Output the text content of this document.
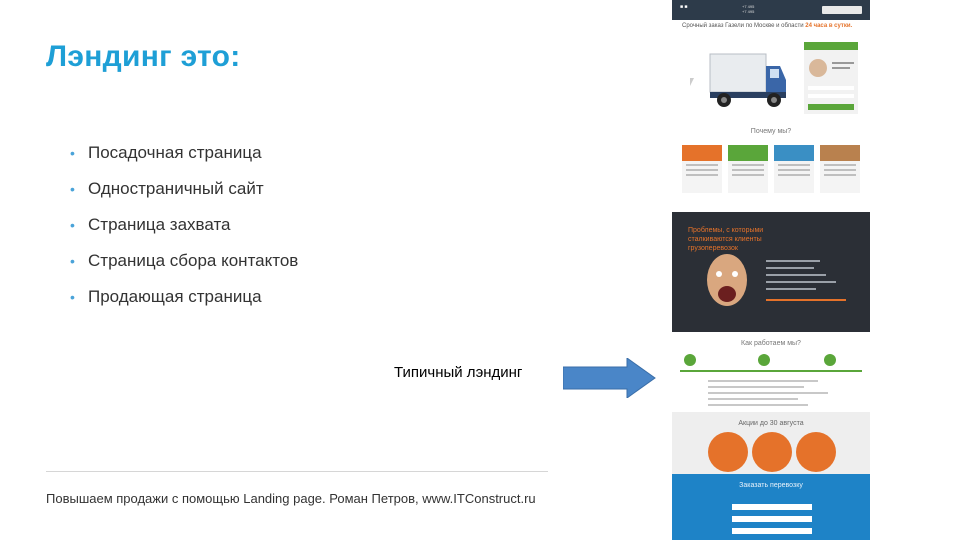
Лэндинг это:
• Посадочная страница
• Одностраничный сайт
• Страница захвата
• Страница сбора контактов
• Продающая страница
Типичный лэндинг
Повышаем продажи с помощью Landing page. Роман Петров, www.ITConstruct.ru
■ ■	+7 495
+7 495
Срочный заказ Газели по Москве и области 24 часа в сутки.
Почему мы?
Проблемы, с которыми сталкиваются клиенты грузоперевозок
Как работаем мы?
Акции до 30 августа
Заказать перевозку
